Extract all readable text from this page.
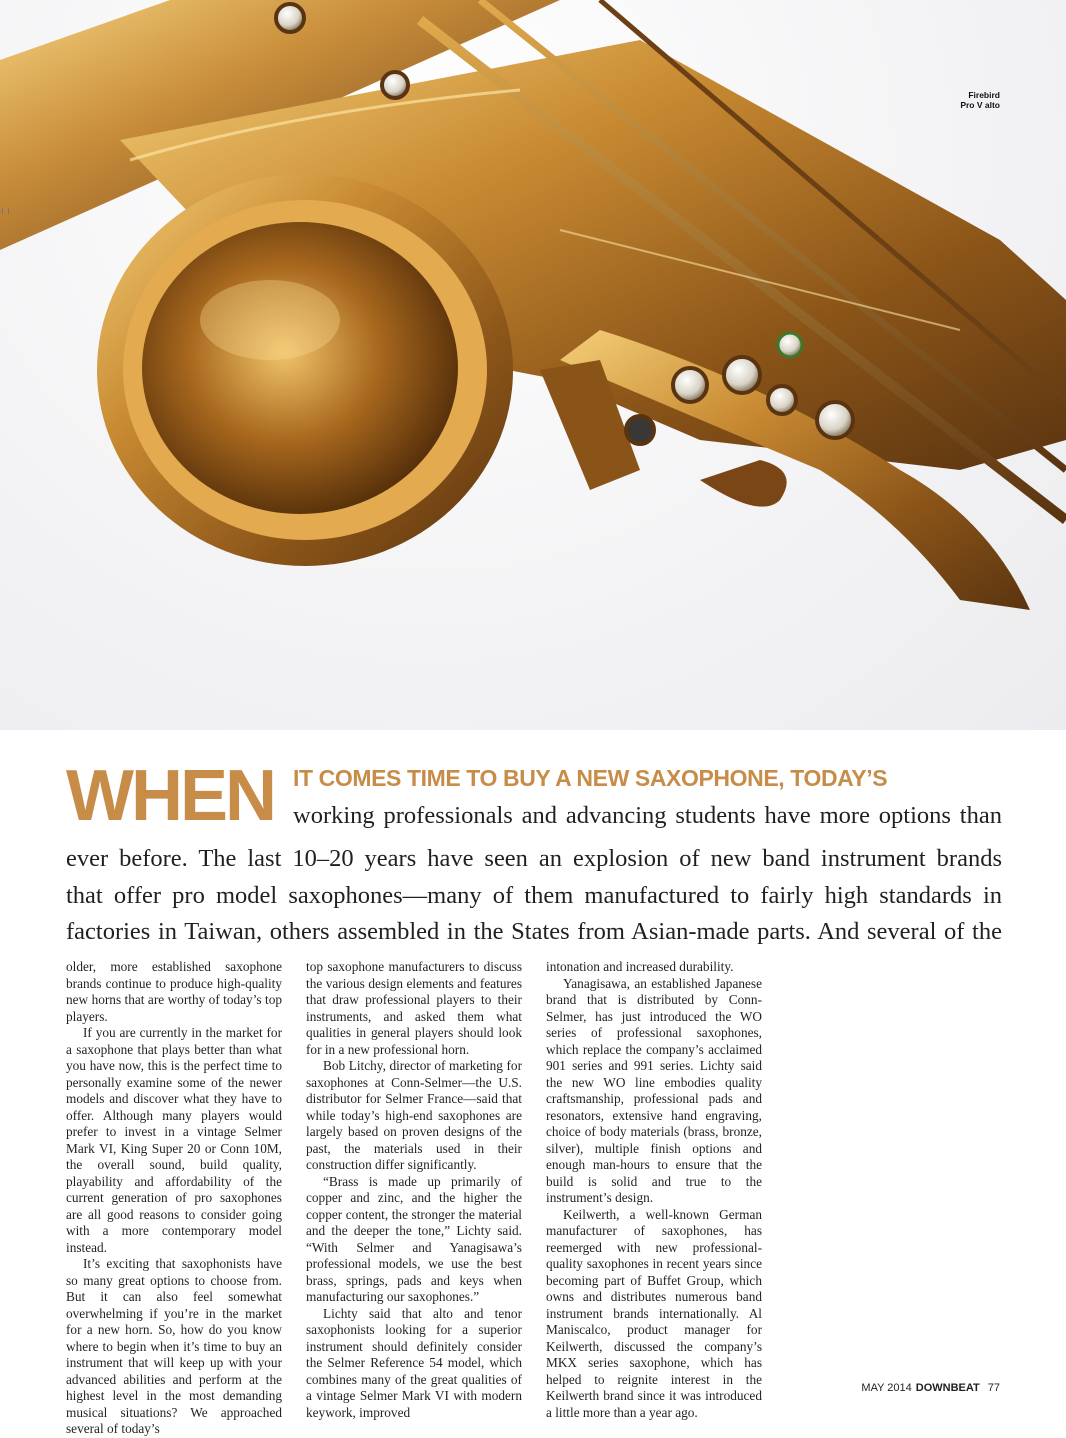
Firebird
Pro V alto
WHEN IT COMES TIME TO BUY A NEW SAXOPHONE, TODAY’S
working professionals and advancing students have more options than
ever before. The last 10–20 years have seen an explosion of new band instrument brands
that offer pro model saxophones—many of them manufactured to fairly high standards in
factories in Taiwan, others assembled in the States from Asian-made parts. And several of the

older, more established saxophone brands continue to produce high-quality new horns that are worthy of today’s top players.

If you are currently in the market for a saxophone that plays better than what you have now, this is the perfect time to personally examine some of the newer models and discover what they have to offer. Although many players would prefer to invest in a vintage Selmer Mark VI, King Super 20 or Conn 10M, the overall sound, build quality, playability and affordability of the current generation of pro saxophones are all good reasons to consider going with a more contemporary model instead.

It’s exciting that saxophonists have so many great options to choose from. But it can also feel somewhat overwhelming if you’re in the market for a new horn. So, how do you know where to begin when it’s time to buy an instrument that will keep up with your advanced abilities and perform at the highest level in the most demanding musical situations? We approached several of today’s

top saxophone manufacturers to discuss the various design elements and features that draw professional players to their instruments, and asked them what qualities in general players should look for in a new professional horn.

Bob Litchy, director of marketing for saxophones at Conn-Selmer—the U.S. distributor for Selmer France—said that while today’s high-end saxophones are largely based on proven designs of the past, the materials used in their construction differ significantly.

“Brass is made up primarily of copper and zinc, and the higher the copper content, the stronger the material and the deeper the tone,” Lichty said. “With Selmer and Yanagisawa’s professional models, we use the best brass, springs, pads and keys when manufacturing our saxophones.”

Lichty said that alto and tenor saxophonists looking for a superior instrument should definitely consider the Selmer Reference 54 model, which combines many of the great qualities of a vintage Selmer Mark VI with modern keywork, improved

intonation and increased durability.

Yanagisawa, an established Japanese brand that is distributed by Conn-Selmer, has just introduced the WO series of professional saxophones, which replace the company’s acclaimed 901 series and 991 series. Lichty said the new WO line embodies quality craftsmanship, professional pads and resonators, extensive hand engraving, choice of body materials (brass, bronze, silver), multiple finish options and enough man-hours to ensure that the build is solid and true to the instrument’s design.

Keilwerth, a well-known German manufacturer of saxophones, has reemerged with new professional-quality saxophones in recent years since becoming part of Buffet Group, which owns and distributes numerous band instrument brands internationally. Al Maniscalco, product manager for Keilwerth, discussed the company’s MKX series saxophone, which has helped to reignite interest in the Keilwerth brand since it was introduced a little more than a year ago.

MAY 2014 DOWNBEAT 77
